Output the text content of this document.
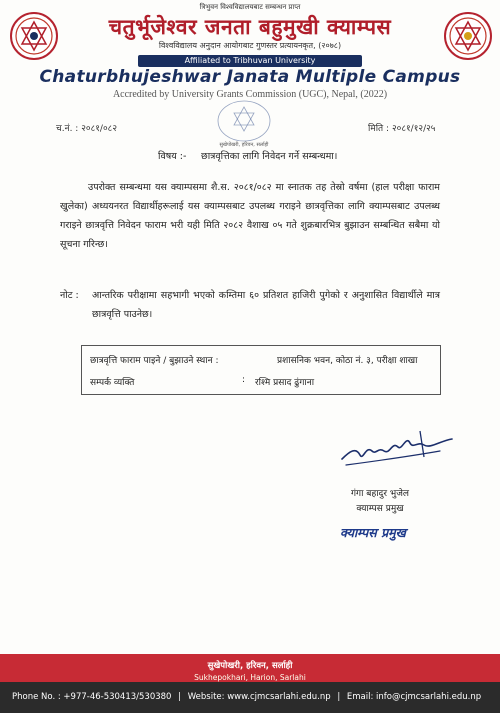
त्रिभुवन विश्वविद्यालयबाट सम्बन्धन प्राप्त
चतुर्भूजेश्वर जनता बहुमुखी क्याम्पस
विश्वविद्यालय अनुदान आयोगबाट गुणस्तर प्रत्यायनकृत, (२०७८)
Affiliated to Tribhuvan University
Chaturbhujeshwar Janata Multiple Campus
Accredited by University Grants Commission (UGC), Nepal, (2022)
च.नं. : २०८१/०८२	मिति : २०८१/१२/२५
सुखेपोखरी, हरिवन, सर्लाही
विषय :- छात्रवृत्तिका लागि निवेदन गर्ने सम्बन्धमा।
उपरोक्त सम्बन्धमा यस क्याम्पसमा शै.स. २०८१/०८२ मा स्नातक तह तेस्रो वर्षमा (हाल परीक्षा फाराम खुलेका) अध्ययनरत विद्यार्थीहरूलाई यस क्याम्पसबाट उपलब्ध गराइने छात्रवृत्तिका लागि क्याम्पसबाट उपलब्ध गराइने छात्रवृत्ति निवेदन फाराम भरी यही मिति २०८२ वैशाख ०५ गते शुक्रबारभित्र बुझाउन सम्बन्धित सबैमा यो सूचना गरिन्छ।
नोट :	आन्तरिक परीक्षामा सहभागी भएको कम्तिमा ६० प्रतिशत हाजिरी पुगेको र अनुशासित विद्यार्थीले मात्र छात्रवृत्ति पाउनेछ।
छात्रवृत्ति फाराम पाइने / बुझाउने स्थान :	प्रशासनिक भवन, कोठा नं. ३, परीक्षा शाखा
सम्पर्क व्यक्ति	: रश्मि प्रसाद ढुंगाना
गंगा बहादुर भुजेल
क्याम्पस प्रमुख
क्याम्पस प्रमुख
सुखेपोखरी, हरिवन, सर्लाही
Sukhepokhari, Harion, Sarlahi
Phone No. : +977-46-530413/530380 | Website: www.cjmcsarlahi.edu.np | Email: info@cjmcsarlahi.edu.np
